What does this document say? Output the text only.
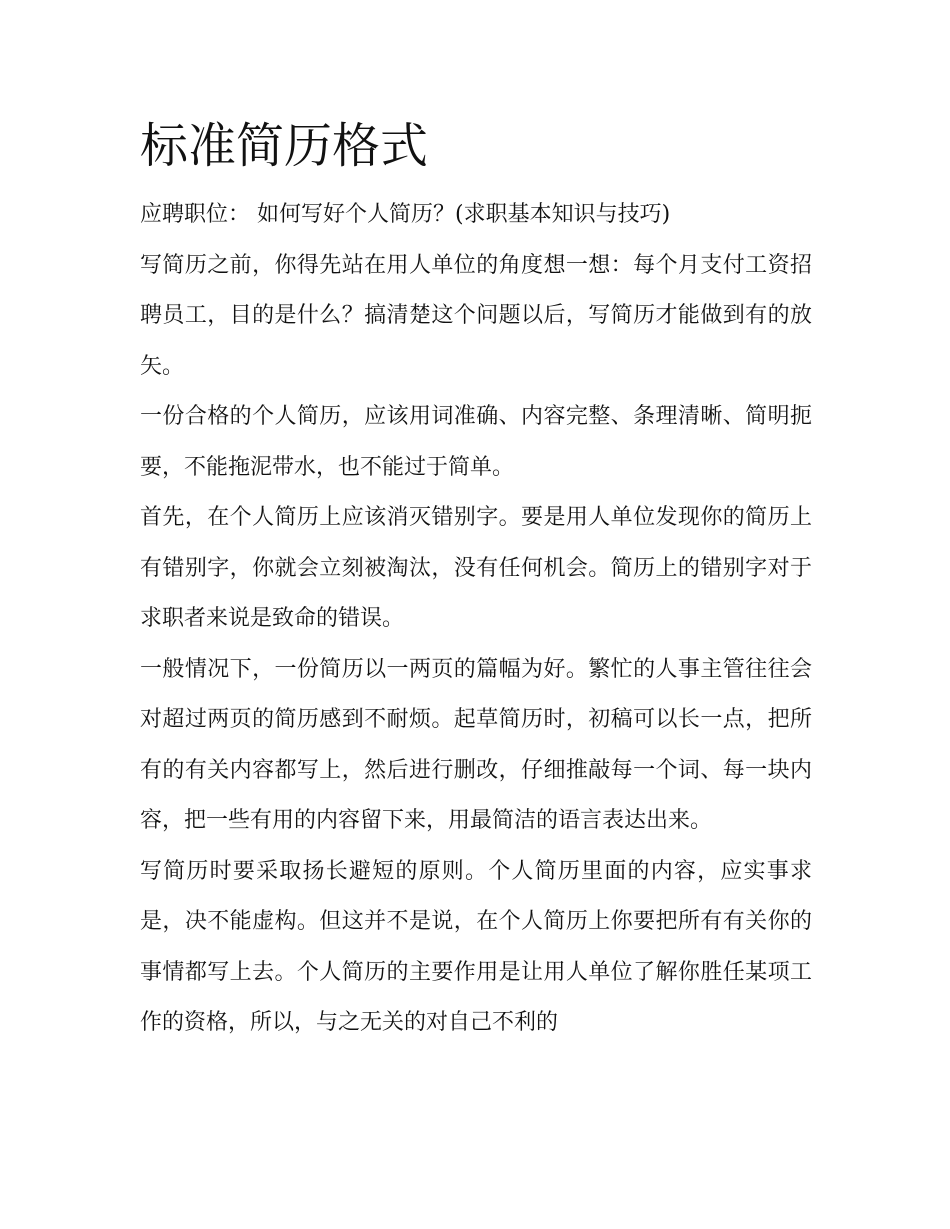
标准简历格式

应聘职位： 如何写好个人简历？(求职基本知识与技巧)

写简历之前，你得先站在用人单位的角度想一想：每个月支付工资招聘员工，目的是什么？搞清楚这个问题以后，写简历才能做到有的放矢。

一份合格的个人简历，应该用词准确、内容完整、条理清晰、简明扼要，不能拖泥带水，也不能过于简单。

首先，在个人简历上应该消灭错别字。要是用人单位发现你的简历上有错别字，你就会立刻被淘汰，没有任何机会。简历上的错别字对于求职者来说是致命的错误。

一般情况下，一份简历以一两页的篇幅为好。繁忙的人事主管往往会对超过两页的简历感到不耐烦。起草简历时，初稿可以长一点，把所有的有关内容都写上，然后进行删改，仔细推敲每一个词、每一块内容，把一些有用的内容留下来，用最简洁的语言表达出来。

写简历时要采取扬长避短的原则。个人简历里面的内容，应实事求是，决不能虚构。但这并不是说，在个人简历上你要把所有有关你的事情都写上去。个人简历的主要作用是让用人单位了解你胜任某项工作的资格，所以，与之无关的对自己不利的
